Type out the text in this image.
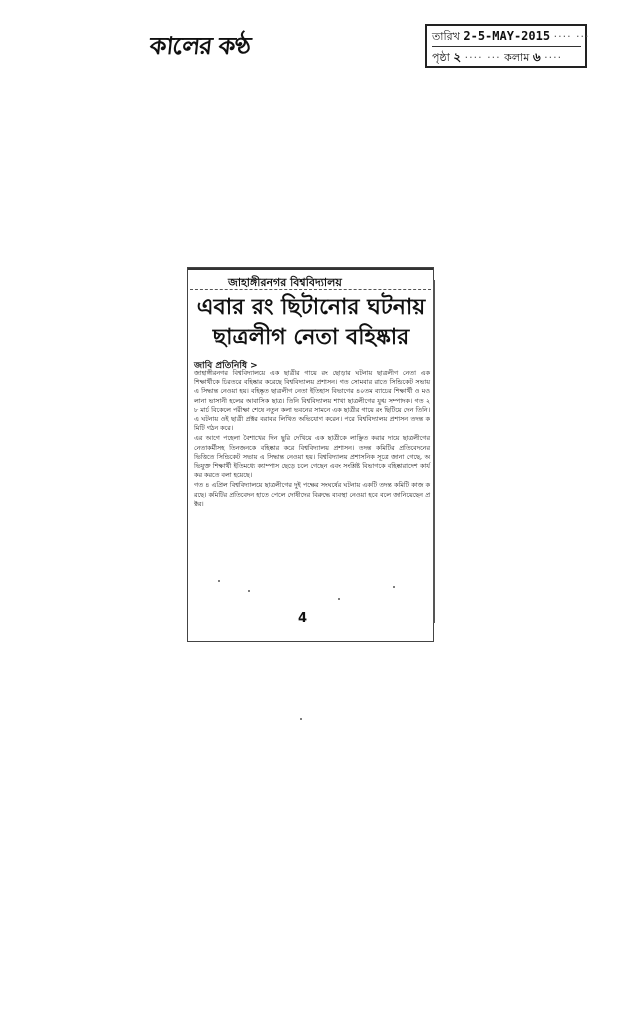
কালের কণ্ঠ	তারিখ 2-5-MAY-2015 ···· ···
পৃষ্ঠা ২ ···· ··· কলাম ৬ ····
জাহাঙ্গীরনগর বিশ্ববিদ্যালয়
এবার রং ছিটানোর ঘটনায়
ছাত্রলীগ নেতা বহিষ্কার
জাবি প্রতিনিধি >

জাহাঙ্গীরনগর বিশ্ববিদ্যালয়ে এক ছাত্রীর গায়ে রং ছোড়ার ঘটনায় ছাত্রলীগ নেতা এক শিক্ষার্থীকে চিরতরে বহিষ্কার করেছে বিশ্ববিদ্যালয় প্রশাসন। গত সোমবার রাতে সিন্ডিকেট সভায় এ সিদ্ধান্ত নেওয়া হয়। বহিষ্কৃত ছাত্রলীগ নেতা ইতিহাস বিভাগের ৪০তম ব্যাচের শিক্ষার্থী ও মওলানা ভাসানী হলের আবাসিক ছাত্র। তিনি বিশ্ববিদ্যালয় শাখা ছাত্রলীগের যুগ্ম সম্পাদক। গত ২৮ মার্চ বিকেলে পরীক্ষা শেষে নতুন কলা ভবনের সামনে এক ছাত্রীর গায়ে রং ছিটিয়ে দেন তিনি। এ ঘটনায় ওই ছাত্রী প্রক্টর বরাবর লিখিত অভিযোগ করেন। পরে বিশ্ববিদ্যালয় প্রশাসন তদন্ত কমিটি গঠন করে।

এর আগে পহেলা বৈশাখের দিন ছুরি দেখিয়ে এক ছাত্রীকে লাঞ্ছিত করার দায়ে ছাত্রলীগের নেতাকর্মীসহ তিনজনকে বহিষ্কার করে বিশ্ববিদ্যালয় প্রশাসন। তদন্ত কমিটির প্রতিবেদনের ভিত্তিতে সিন্ডিকেট সভায় এ সিদ্ধান্ত নেওয়া হয়। বিশ্ববিদ্যালয় প্রশাসনিক সূত্রে জানা গেছে, অভিযুক্ত শিক্ষার্থী ইতিমধ্যে ক্যাম্পাস ছেড়ে চলে গেছেন এবং সংশ্লিষ্ট বিভাগকে বহিষ্কারাদেশ কার্যকর করতে বলা হয়েছে।

গত ৪ এপ্রিল বিশ্ববিদ্যালয়ে ছাত্রলীগের দুই পক্ষের সংঘর্ষের ঘটনায় একটি তদন্ত কমিটি কাজ করছে। কমিটির প্রতিবেদন হাতে পেলে দোষীদের বিরুদ্ধে ব্যবস্থা নেওয়া হবে বলে জানিয়েছেন প্রক্টর।

4
